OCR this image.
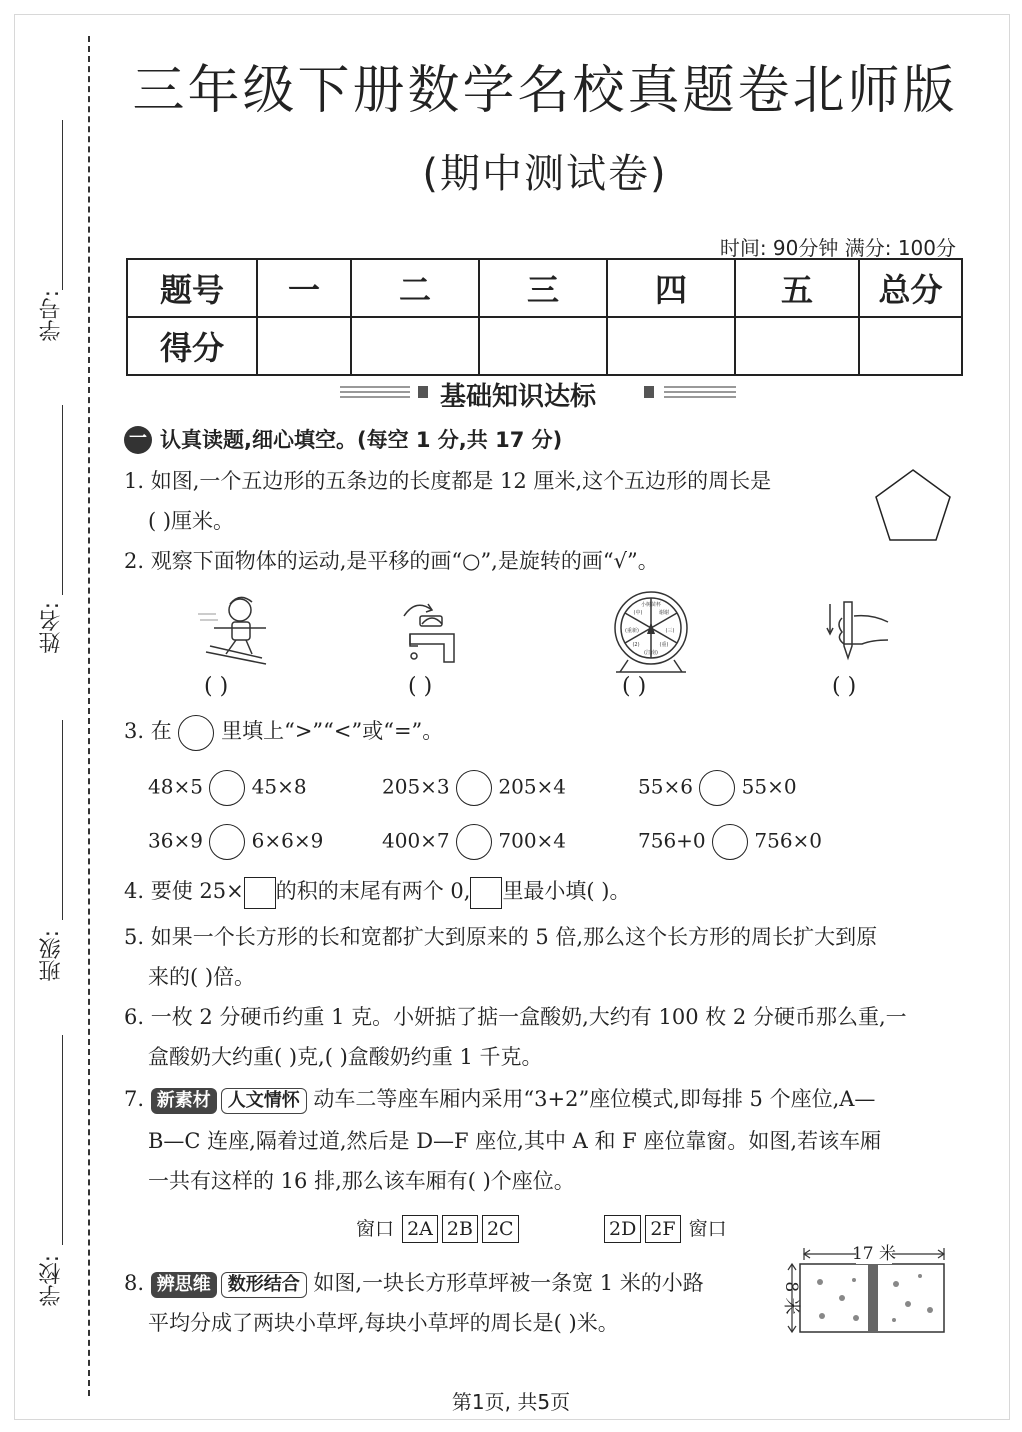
学号:
姓名:
班级:
学校:
三年级下册数学名校真题卷北师版
(期中测试卷)
时间: 90分钟 满分: 100分
题号	一	二	三	四	五	总分
得分						
基础知识达标
一 认真读题,细心填空。(每空 1 分,共 17 分)
1. 如图,一个五边形的五条边的长度都是 12 厘米,这个五边形的周长是
( )厘米。
2. 观察下面物体的运动,是平移的画“○”,是旋转的画“√”。
小树苗杯
(中)	谢谢
(三)
(重)
(江南)
(2)
(重新)
( )	( )	( )	( )
3. 在 里填上“>”“<”或“=”。
48×5 45×8	205×3 205×4	55×6 55×0
36×9 6×6×9	400×7 700×4	756+0 756×0
4. 要使 25× 的积的末尾有两个 0, 里最小填( )。
5. 如果一个长方形的长和宽都扩大到原来的 5 倍,那么这个长方形的周长扩大到原
来的( )倍。
6. 一枚 2 分硬币约重 1 克。小妍掂了掂一盒酸奶,大约有 100 枚 2 分硬币那么重,一
盒酸奶大约重( )克,( )盒酸奶约重 1 千克。
7. 新素材 人文情怀 动车二等座车厢内采用“3+2”座位模式,即每排 5 个座位,A—
B—C 连座,隔着过道,然后是 D—F 座位,其中 A 和 F 座位靠窗。如图,若该车厢
一共有这样的 16 排,那么该车厢有( )个座位。
窗口 2A 2B 2C	2D 2F 窗口
8. 辨思维 数形结合 如图,一块长方形草坪被一条宽 1 米的小路
平均分成了两块小草坪,每块小草坪的周长是( )米。
17 米
8 米
第1页, 共5页
